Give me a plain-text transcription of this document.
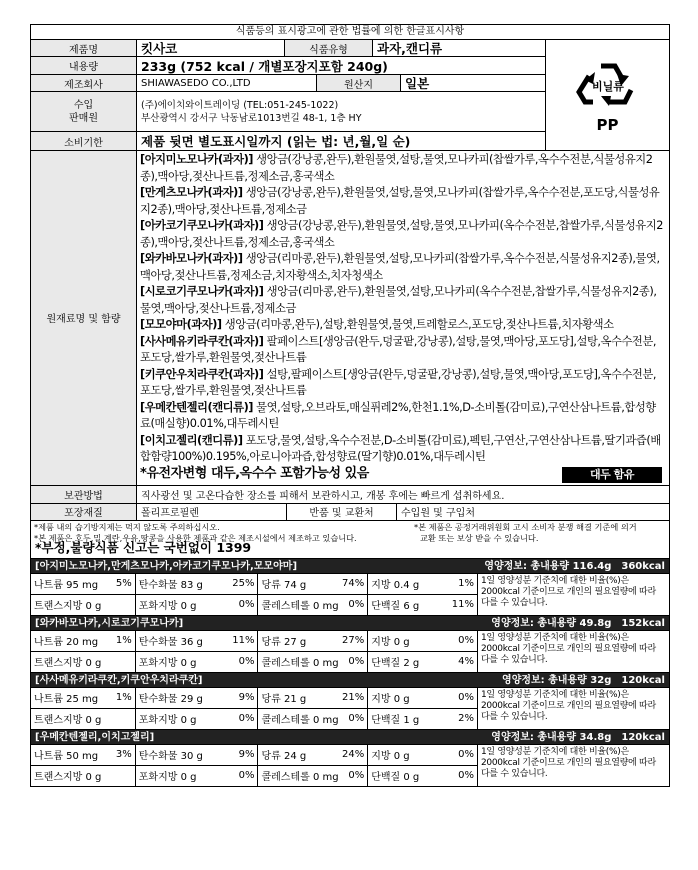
식품등의 표시광고에 관한 법률에 의한 한글표시사항
제품명	킷사코	식품유형	과자,캔디류
내용량	233g (752 kcal / 개별포장지포함 240g)
제조회사	SHIAWASEDO CO.,LTD	원산지	일본
수입
판매원
(주)에이치와이트레이딩 (TEL:051-245-1022)
부산광역시 강서구 낙동남로1013번길 48-1, 1층 HY
소비기한	제품 뒷면 별도표시일까지 (읽는 법: 년,월,일 순)
비닐류
PP
원재료명 및 함량
[아지미노모나카(과자)] 생앙금(강낭콩,완두),환원물엿,설탕,물엿,모나카피(찹쌀가루,옥수수전분,식물성유지2종),맥아당,젖산나트륨,정제소금,홍국색소
[만게츠모나카(과자)] 생앙금(강낭콩,완두),환원물엿,설탕,물엿,모나카피(찹쌀가루,옥수수전분,포도당,식물성유지2종),맥아당,젖산나트륨,정제소금
[아카코기쿠모나카(과자)] 생앙금(강낭콩,완두),환원물엿,설탕,물엿,모나카피(옥수수전분,찹쌀가루,식물성유지2종),맥아당,젖산나트륨,정제소금,홍국색소
[와카바모나카(과자)] 생앙금(리마콩,완두),환원물엿,설탕,모나카피(찹쌀가루,옥수수전분,식물성유지2종),물엿,맥아당,젖산나트륨,정제소금,치자황색소,치자청색소
[시로코기쿠모나카(과자)] 생앙금(리마콩,완두),환원물엿,설탕,모나카피(옥수수전분,찹쌀가루,식물성유지2종),물엿,맥아당,젖산나트륨,정제소금
[모모야마(과자)] 생앙금(리마콩,완두),설탕,환원물엿,물엿,트레할로스,포도당,젖산나트륨,치자황색소
[사사메유키라쿠칸(과자)] 팔페이스트[생앙금(완두,덩굴팥,강낭콩),설탕,물엿,맥아당,포도당],설탕,옥수수전분,포도당,쌀가루,환원물엿,젖산나트륨
[키쿠안우치라쿠칸(과자)] 설탕,팔페이스트[생앙금(완두,덩굴팥,강낭콩),설탕,물엿,맥아당,포도당],옥수수전분,포도당,쌀가루,환원물엿,젖산나트륨
[우메칸텐젤리(캔디류)] 물엿,설탕,오브라토,매실퓌레2%,한천1.1%,D-소비톨(감미료),구연산삼나트륨,합성향료(매실향)0.01%,대두레시틴
[이치고젤리(캔디류)] 포도당,물엿,설탕,옥수수전분,D-소비톨(감미료),펙틴,구연산,구연산삼나트륨,딸기과즙(배합함량100%)0.195%,아로니아과즙,합성향료(딸기향)0.01%,대두레시틴
*유전자변형 대두,옥수수 포함가능성 있음	대두 함유
보관방법	직사광선 및 고온다습한 장소를 피해서 보관하시고, 개봉 후에는 빠르게 섭취하세요.
포장재질	폴리프로필렌	반품 및 교환처	수입원 및 구입처
*제품 내의 습기방지제는 먹지 않도록 주의하십시오.
*본 제품은 호두,밀,계란,우유,땅콩을 사용한 제품과 같은 제조시설에서 제조하고 있습니다.
*본 제품은 공정거래위원회 고시 소비자 분쟁 해결 기준에 의거
교환 또는 보상 받을 수 있습니다.
*부정,불량식품 신고는 국번없이 1399
[아지미노모나카,만게츠모나카,아카코기쿠모나카,모모야마]	영양정보: 총내용량 116.4g 360kcal
나트륨 95 mg	5% 탄수화물 83 g	25% 당류 74 g	74% 지방 0.4 g	1%
트랜스지방 0 g	포화지방 0 g	0% 콜레스테롤 0 mg 0% 단백질 6 g	11%
1일 영양성분 기준치에 대한 비율(%)은 2000kcal 기준이므로 개인의 필요열량에 따라 다를 수 있습니다.
[와카바모나카,시로코기쿠모나카]	영양정보: 총내용량 49.8g 152kcal
나트륨 20 mg	1% 탄수화물 36 g	11% 당류 27 g	27% 지방 0 g	0%
트랜스지방 0 g	포화지방 0 g	0% 콜레스테롤 0 mg 0% 단백질 2 g	4%
1일 영양성분 기준치에 대한 비율(%)은 2000kcal 기준이므로 개인의 필요열량에 따라 다를 수 있습니다.
[사사메유키라쿠칸,키쿠안우치라쿠칸]	영양정보: 총내용량 32g 120kcal
나트륨 25 mg	1% 탄수화물 29 g	9% 당류 21 g	21% 지방 0 g	0%
트랜스지방 0 g	포화지방 0 g	0% 콜레스테롤 0 mg 0% 단백질 1 g	2%
1일 영양성분 기준치에 대한 비율(%)은 2000kcal 기준이므로 개인의 필요열량에 따라 다를 수 있습니다.
[우메칸텐젤리,이치고젤리]	영양정보: 총내용량 34.8g 120kcal
나트륨 50 mg	3% 탄수화물 30 g	9% 당류 24 g	24% 지방 0 g	0%
트랜스지방 0 g	포화지방 0 g	0% 콜레스테롤 0 mg 0% 단백질 0 g	0%
1일 영양성분 기준치에 대한 비율(%)은 2000kcal 기준이므로 개인의 필요열량에 따라 다를 수 있습니다.
